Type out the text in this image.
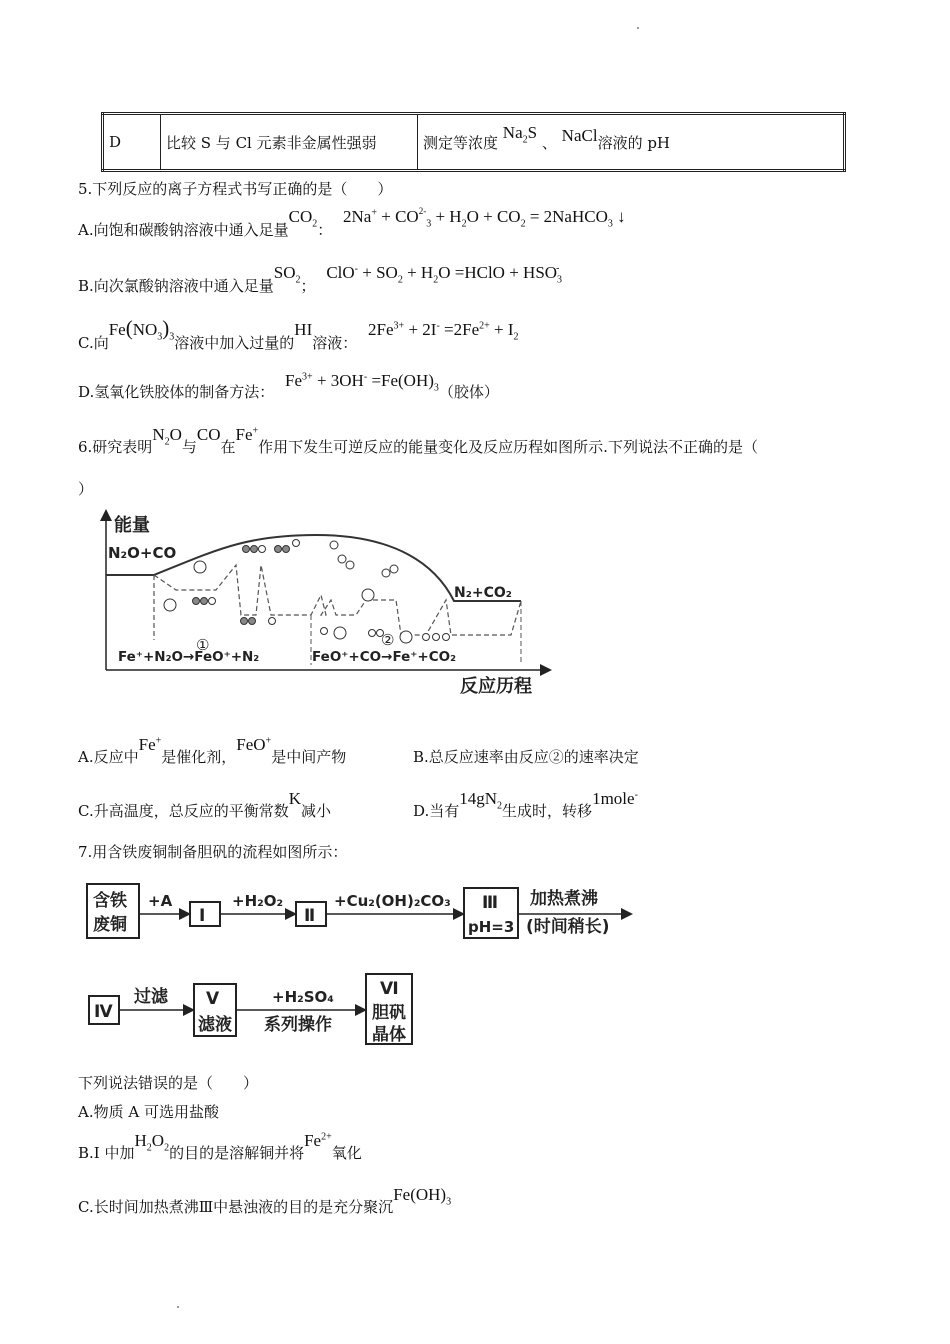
D	比较 S 与 Cl 元素非金属性强弱	测定等浓度 $Na_2S$ 、 NaCl溶液的 pH
5.下列反应的离子方程式书写正确的是（　　）
A.向饱和碳酸钠溶液中通入足量$CO_2$： $2Na^+ + CO_{2-3} + H_2O + CO_2$ = 2NaHCO$_3$ ↓
B.向次氯酸钠溶液中通入足量$SO_2$； $ClO^- + SO_2 + H_2O$ =HClO + $HSO_3^-$
C.向$Fe(NO_3)_3$溶液中加入过量的HI溶液： $2Fe^{3+} + 2I^- =2Fe^{2+} + I_2$
D.氢氧化铁胶体的制备方法： $Fe^{3+} + 3OH^- =Fe(OH)_3$（胶体）
6.研究表明$N_2O$与CO在Fe+作用下发生可逆反应的能量变化及反应历程如图所示.下列说法不正确的是（
）
能量
反应历程
N₂O+CO
N₂+CO₂
①	②
Fe⁺+N₂O→FeO⁺+N₂	FeO⁺+CO→Fe⁺+CO₂
A.反应中Fe+是催化剂，FeO+是中间产物	B.总反应速率由反应②的速率决定
C.升高温度，总反应的平衡常数K减小	D.当有$14gN_2$生成时，转移1mole-
7.用含铁废铜制备胆矾的流程如图所示：
含铁
废铜
+A
Ⅰ
+H₂O₂
Ⅱ
+Cu₂(OH)₂CO₃ Ⅲ
pH=3
加热煮沸
(时间稍长)
Ⅳ
过滤 Ⅴ
滤液
+H₂SO₄
系列操作
Ⅵ
胆矾
晶体
下列说法错误的是（　　）
A.物质 A 可选用盐酸
B.Ⅰ 中加$H_2O_2$的目的是溶解铜并将$Fe^{2+}$氧化
C.长时间加热煮沸Ⅲ中悬浊液的目的是充分聚沉$Fe(OH)_3$
